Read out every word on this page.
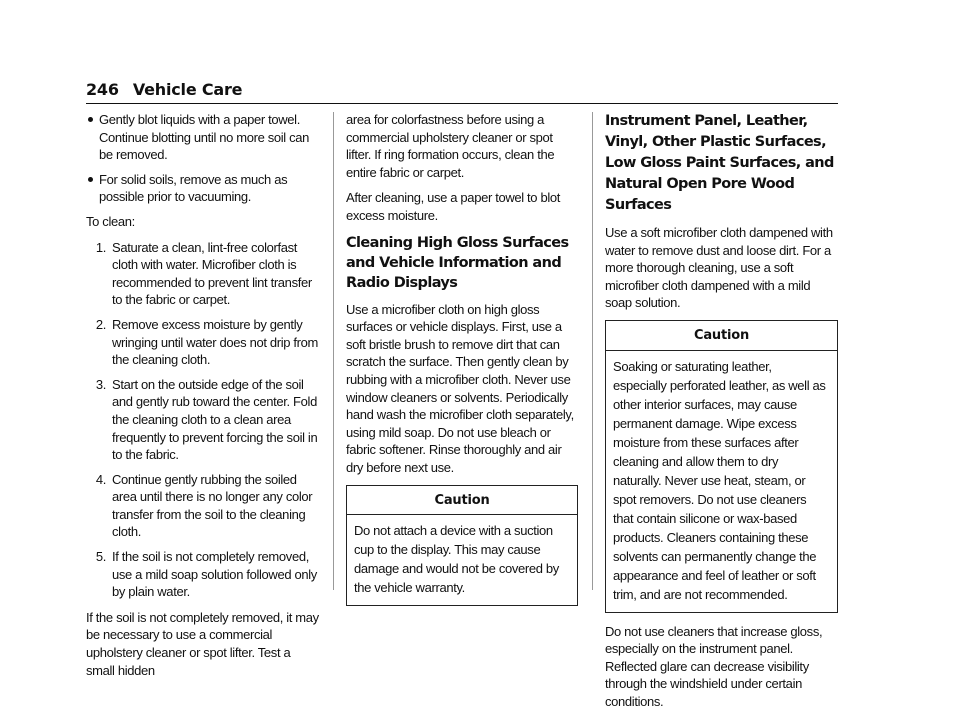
246 Vehicle Care
Gently blot liquids with a paper towel. Continue blotting until no more soil can be removed.
For solid soils, remove as much as possible prior to vacuuming.

To clean:

1. Saturate a clean, lint-free colorfast cloth with water. Microfiber cloth is recommended to prevent lint transfer to the fabric or carpet.
2. Remove excess moisture by gently wringing until water does not drip from the cleaning cloth.
3. Start on the outside edge of the soil and gently rub toward the center. Fold the cleaning cloth to a clean area frequently to prevent forcing the soil in to the fabric.
4. Continue gently rubbing the soiled area until there is no longer any color transfer from the soil to the cleaning cloth.
5. If the soil is not completely removed, use a mild soap solution followed only by plain water.

If the soil is not completely removed, it may be necessary to use a commercial upholstery cleaner or spot lifter. Test a small hidden

area for colorfastness before using a commercial upholstery cleaner or spot lifter. If ring formation occurs, clean the entire fabric or carpet.

After cleaning, use a paper towel to blot excess moisture.

Cleaning High Gloss Surfaces and Vehicle Information and Radio Displays

Use a microfiber cloth on high gloss surfaces or vehicle displays. First, use a soft bristle brush to remove dirt that can scratch the surface. Then gently clean by rubbing with a microfiber cloth. Never use window cleaners or solvents. Periodically hand wash the microfiber cloth separately, using mild soap. Do not use bleach or fabric softener. Rinse thoroughly and air dry before next use.

Caution
Do not attach a device with a suction cup to the display. This may cause damage and would not be covered by the vehicle warranty.
Instrument Panel, Leather, Vinyl, Other Plastic Surfaces, Low Gloss Paint Surfaces, and Natural Open Pore Wood Surfaces

Use a soft microfiber cloth dampened with water to remove dust and loose dirt. For a more thorough cleaning, use a soft microfiber cloth dampened with a mild soap solution.

Caution
Soaking or saturating leather, especially perforated leather, as well as other interior surfaces, may cause permanent damage. Wipe excess moisture from these surfaces after cleaning and allow them to dry naturally. Never use heat, steam, or spot removers. Do not use cleaners that contain silicone or wax-based products. Cleaners containing these solvents can permanently change the appearance and feel of leather or soft trim, and are not recommended.

Do not use cleaners that increase gloss, especially on the instrument panel. Reflected glare can decrease visibility through the windshield under certain conditions.
